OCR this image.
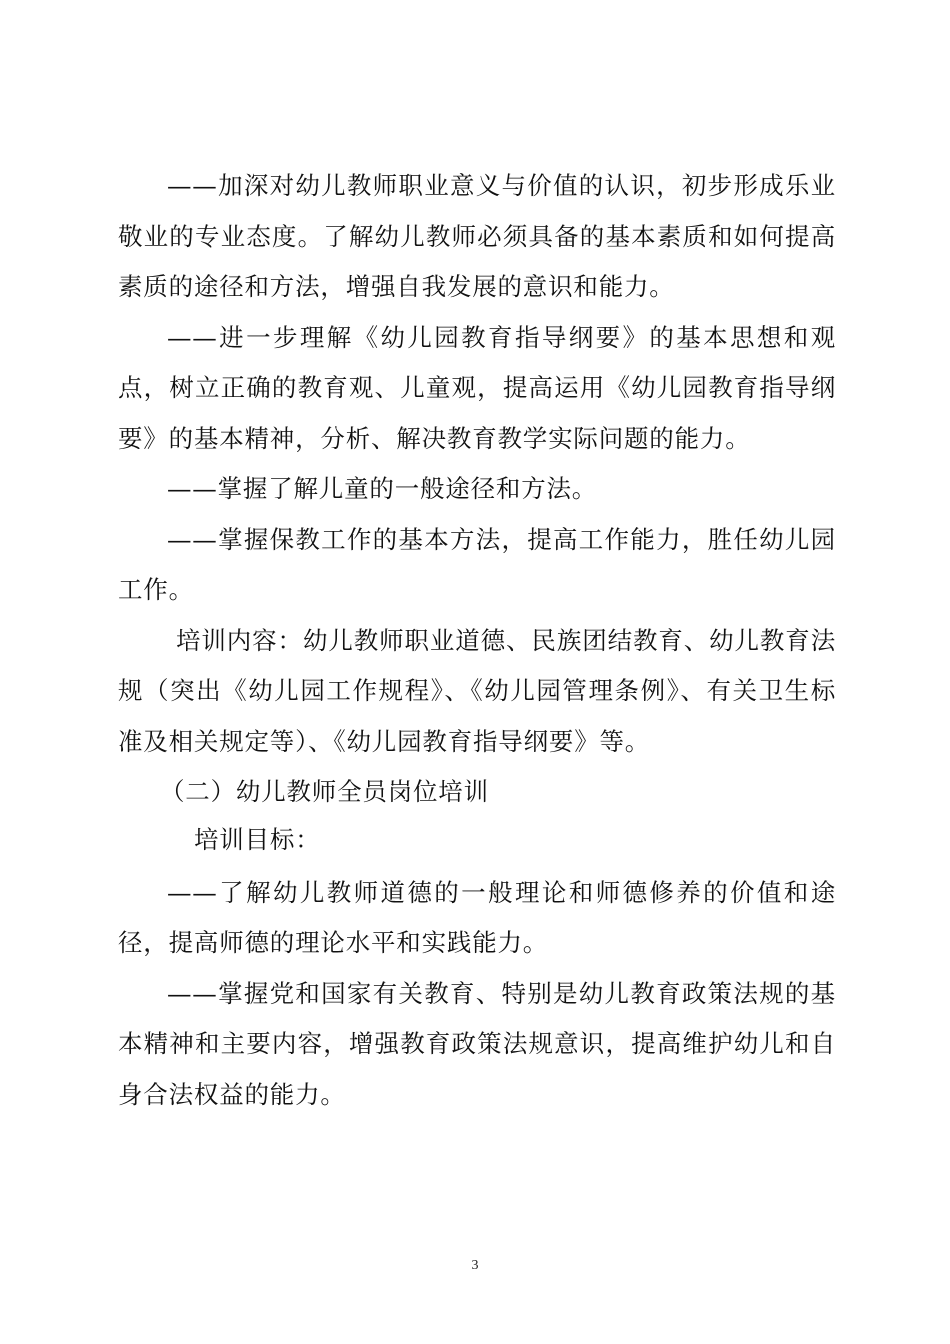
——加深对幼儿教师职业意义与价值的认识，初步形成乐业敬业的专业态度。了解幼儿教师必须具备的基本素质和如何提高素质的途径和方法，增强自我发展的意识和能力。

——进一步理解《幼儿园教育指导纲要》的基本思想和观点，树立正确的教育观、儿童观，提高运用《幼儿园教育指导纲要》的基本精神，分析、解决教育教学实际问题的能力。

——掌握了解儿童的一般途径和方法。

——掌握保教工作的基本方法，提高工作能力，胜任幼儿园工作。

培训内容：幼儿教师职业道德、民族团结教育、幼儿教育法规（突出《幼儿园工作规程》、《幼儿园管理条例》、有关卫生标准及相关规定等）、《幼儿园教育指导纲要》等。

（二）幼儿教师全员岗位培训

培训目标：

——了解幼儿教师道德的一般理论和师德修养的价值和途径，提高师德的理论水平和实践能力。

——掌握党和国家有关教育、特别是幼儿教育政策法规的基本精神和主要内容，增强教育政策法规意识，提高维护幼儿和自身合法权益的能力。

3
